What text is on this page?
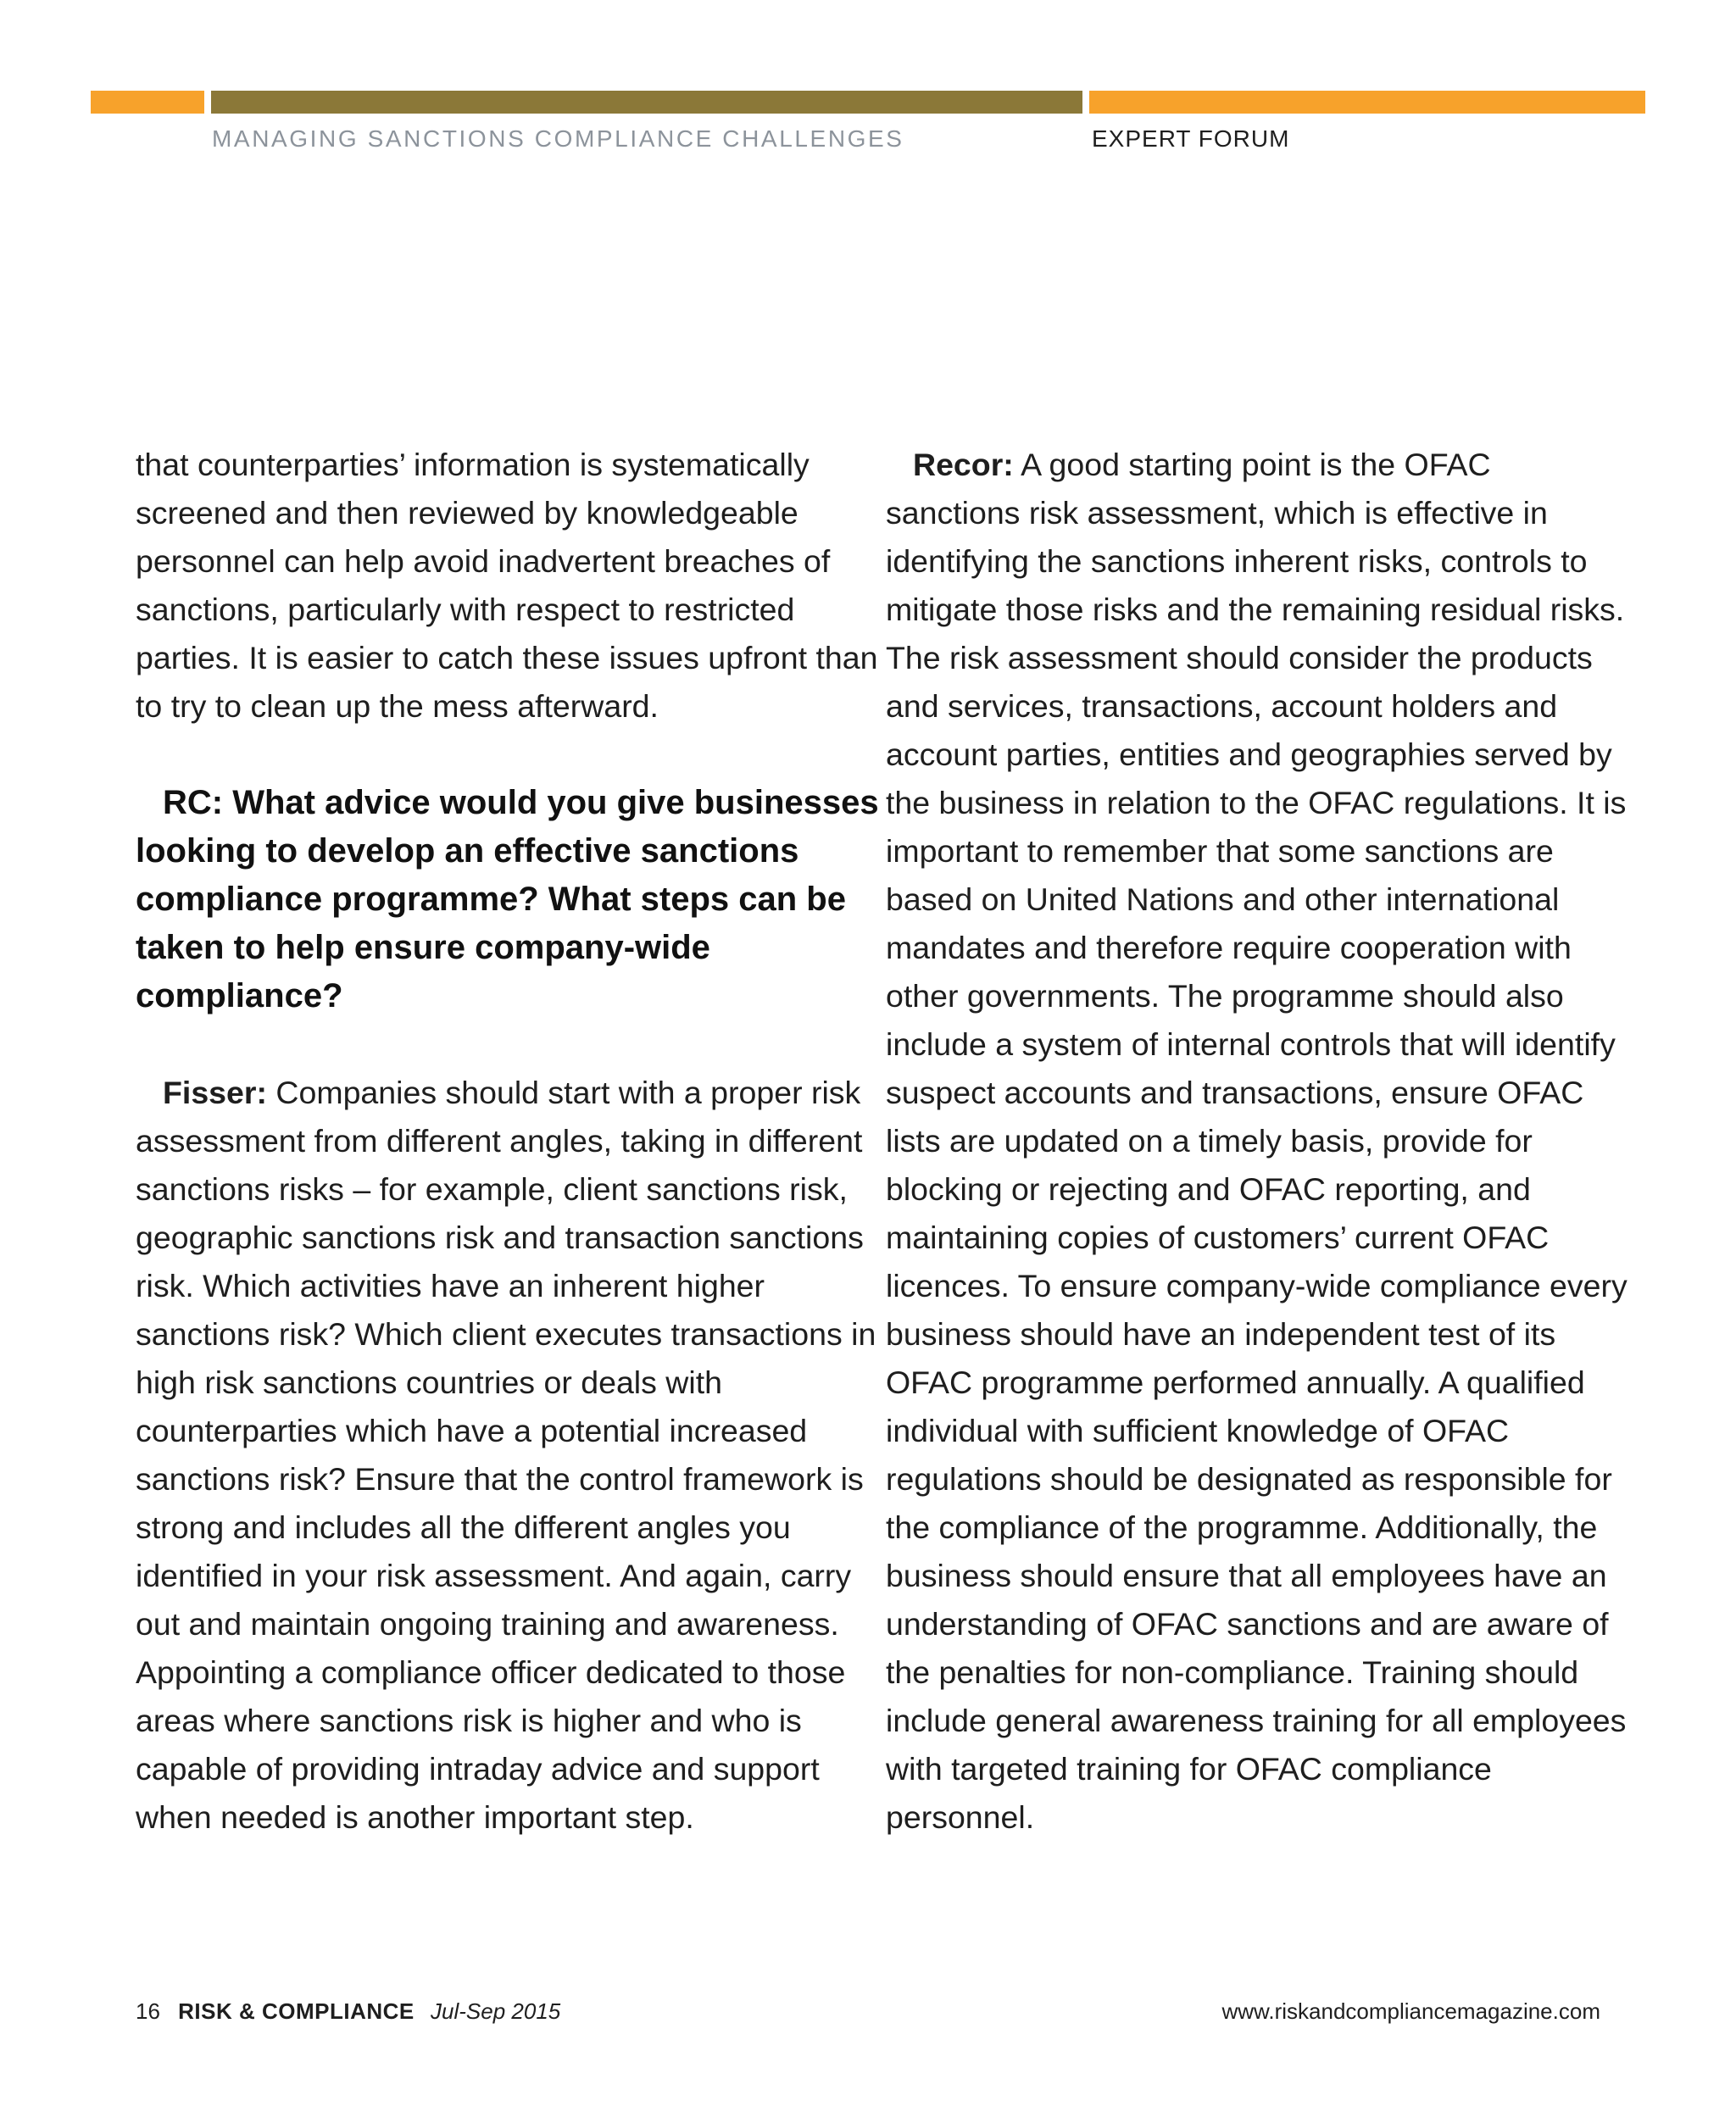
MANAGING SANCTIONS COMPLIANCE CHALLENGES	EXPERT FORUM

that counterparties’ information is systematically screened and then reviewed by knowledgeable personnel can help avoid inadvertent breaches of sanctions, particularly with respect to restricted parties. It is easier to catch these issues upfront than to try to clean up the mess afterward.

RC: What advice would you give businesses looking to develop an effective sanctions compliance programme? What steps can be taken to help ensure company-wide compliance?

Fisser: Companies should start with a proper risk assessment from different angles, taking in different sanctions risks – for example, client sanctions risk, geographic sanctions risk and transaction sanctions risk. Which activities have an inherent higher sanctions risk? Which client executes transactions in high risk sanctions countries or deals with counterparties which have a potential increased sanctions risk? Ensure that the control framework is strong and includes all the different angles you identified in your risk assessment. And again, carry out and maintain ongoing training and awareness. Appointing a compliance officer dedicated to those areas where sanctions risk is higher and who is capable of providing intraday advice and support when needed is another important step.

Recor: A good starting point is the OFAC sanctions risk assessment, which is effective in identifying the sanctions inherent risks, controls to mitigate those risks and the remaining residual risks. The risk assessment should consider the products and services, transactions, account holders and account parties, entities and geographies served by the business in relation to the OFAC regulations. It is important to remember that some sanctions are based on United Nations and other international mandates and therefore require cooperation with other governments. The programme should also include a system of internal controls that will identify suspect accounts and transactions, ensure OFAC lists are updated on a timely basis, provide for blocking or rejecting and OFAC reporting, and maintaining copies of customers’ current OFAC licences. To ensure company-wide compliance every business should have an independent test of its OFAC programme performed annually. A qualified individual with sufficient knowledge of OFAC regulations should be designated as responsible for the compliance of the programme. Additionally, the business should ensure that all employees have an understanding of OFAC sanctions and are aware of the penalties for non-compliance. Training should include general awareness training for all employees with targeted training for OFAC compliance personnel.

16 RISK & COMPLIANCE Jul-Sep 2015	www.riskandcompliancemagazine.com
